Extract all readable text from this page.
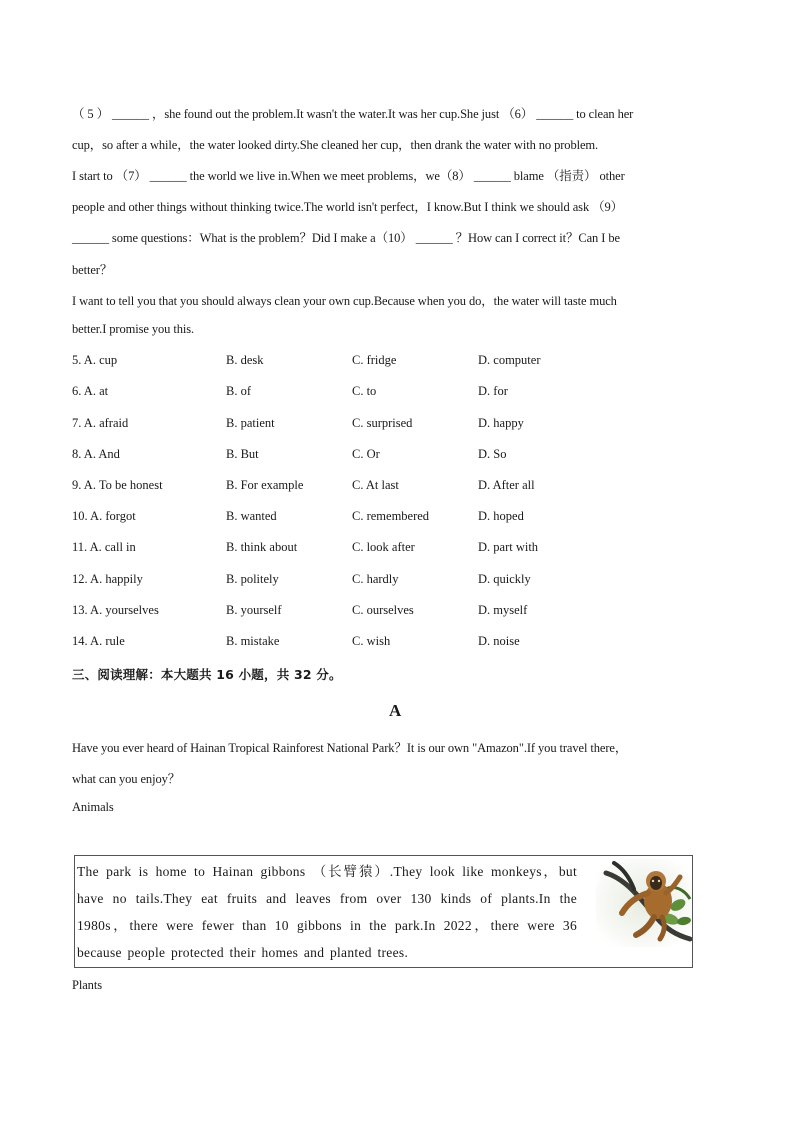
（ 5 ） ______ ，she found out the problem.It wasn't the water.It was her cup.She just （6） ______ to clean her
cup，so after a while，the water looked dirty.She cleaned her cup，then drank the water with no problem.
I start to （7） ______ the world we live in.When we meet problems，we（8） ______ blame （指责） other
people and other things without thinking twice.The world isn't perfect，I know.But I think we should ask （9）
______ some questions：What is the problem？Did I make a（10） ______ ？How can I correct it？Can I be
better？
I want to tell you that you should always clean your own cup.Because when you do，the water will taste much
better.I promise you this.
5. A. cup	B. desk	C. fridge	D. computer
6. A. at	B. of	C. to	D. for
7. A. afraid	B. patient	C. surprised	D. happy
8. A. And	B. But	C. Or	D. So
9. A. To be honest	B. For example	C. At last	D. After all
10. A. forgot	B. wanted	C. remembered	D. hoped
11. A. call in	B. think about	C. look after	D. part with
12. A. happily	B. politely	C. hardly	D. quickly
13. A. yourselves	B. yourself	C. ourselves	D. myself
14. A. rule	B. mistake	C. wish	D. noise
三、阅读理解：本大题共 16 小题，共 32 分。
A
Have you ever heard of Hainan Tropical Rainforest National Park？It is our own "Amazon".If you travel there，
what can you enjoy？
Animals
The park is home to Hainan gibbons （长臂猿）.They look like monkeys，but have no tails.They eat fruits and leaves from over 130 kinds of plants.In the 1980s，there were fewer than 10 gibbons in the park.In 2022，there were 36 because people protected their homes and planted trees.
Plants
